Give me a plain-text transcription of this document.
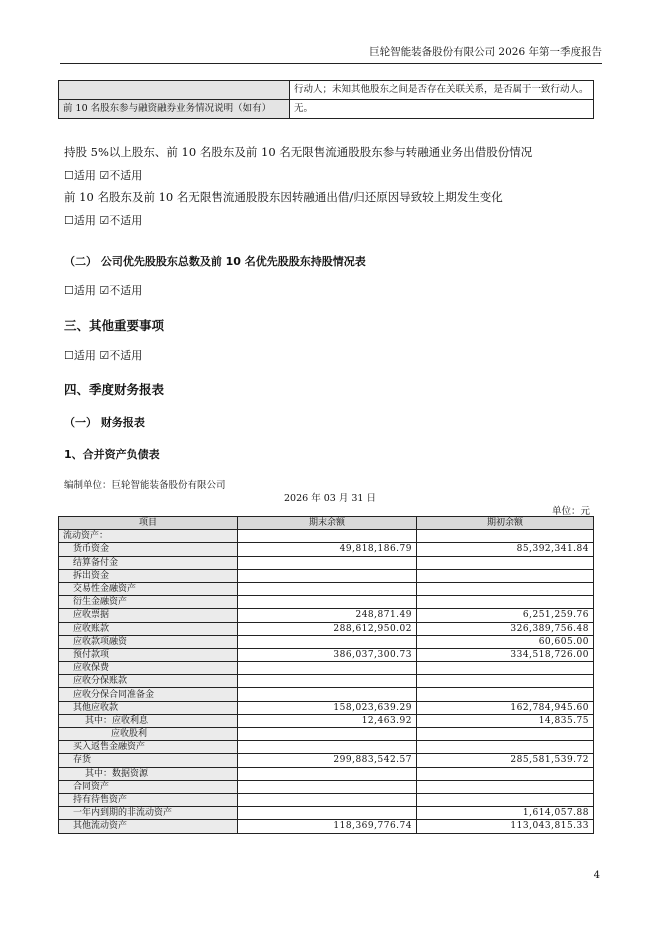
巨轮智能装备股份有限公司 2026 年第一季度报告
	行动人；未知其他股东之间是否存在关联关系，是否属于一致行动人。
前 10 名股东参与融资融券业务情况说明（如有）	无。
持股 5%以上股东、前 10 名股东及前 10 名无限售流通股股东参与转融通业务出借股份情况
☐适用 ☑不适用
前 10 名股东及前 10 名无限售流通股股东因转融通出借/归还原因导致较上期发生变化
☐适用 ☑不适用
（二） 公司优先股股东总数及前 10 名优先股股东持股情况表
☐适用 ☑不适用
三、其他重要事项
☐适用 ☑不适用
四、季度财务报表
（一） 财务报表
1、合并资产负债表
编制单位：巨轮智能装备股份有限公司
2026 年 03 月 31 日
单位：元
项目	期末余额	期初余额
流动资产：		
货币资金	49,818,186.79	85,392,341.84
结算备付金		
拆出资金		
交易性金融资产		
衍生金融资产		
应收票据	248,871.49	6,251,259.76
应收账款	288,612,950.02	326,389,756.48
应收款项融资		60,605.00
预付款项	386,037,300.73	334,518,726.00
应收保费		
应收分保账款		
应收分保合同准备金		
其他应收款	158,023,639.29	162,784,945.60
其中：应收利息	12,463.92	14,835.75
应收股利		
买入返售金融资产		
存货	299,883,542.57	285,581,539.72
其中：数据资源		
合同资产		
持有待售资产		
一年内到期的非流动资产		1,614,057.88
其他流动资产	118,369,776.74	113,043,815.33
4
